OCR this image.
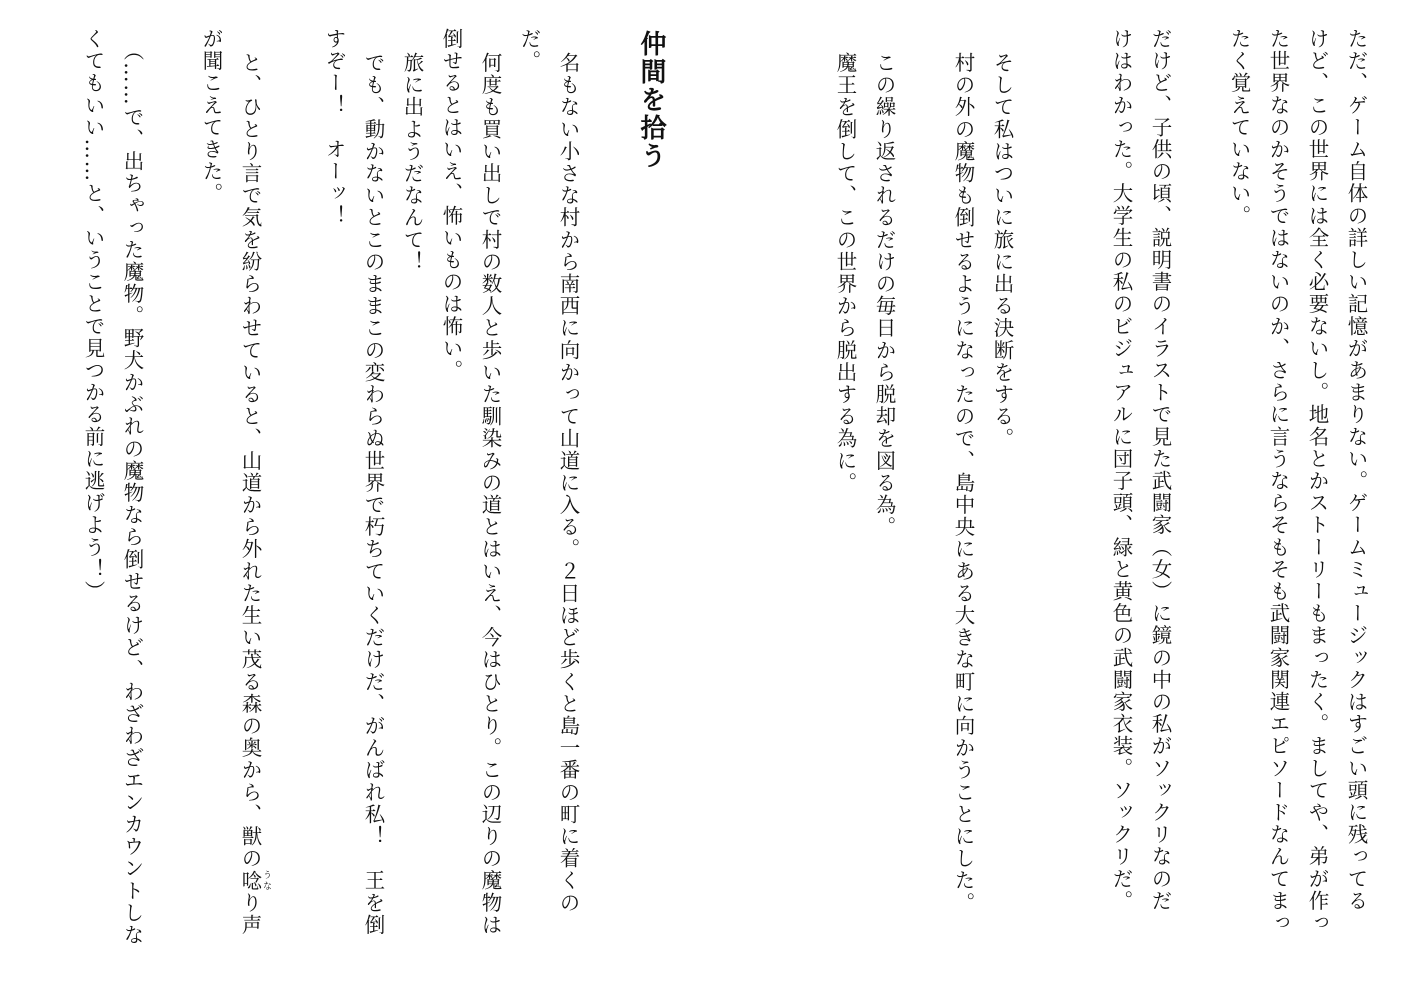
ただ、ゲーム自体の詳しい記憶があまりない。ゲームミュージックはすごい頭に残ってる
けど、この世界には全く必要ないし。地名とかストーリーもまったく。ましてや、弟が作っ
た世界なのかそうではないのか、さらに言うならそもそも武闘家関連エピソードなんてまっ
たく覚えていない。
だけど、子供の頃、説明書のイラストで見た武闘家（女）に鏡の中の私がソックリなのだ
けはわかった。大学生の私のビジュアルに団子頭、緑と黄色の武闘家衣装。ソックリだ。
そして私はついに旅に出る決断をする。
村の外の魔物も倒せるようになったので、島中央にある大きな町に向かうことにした。
この繰り返されるだけの毎日から脱却を図る為。
魔王を倒して、この世界から脱出する為に。
仲間を拾う
名もない小さな村から南西に向かって山道に入る。２日ほど歩くと島一番の町に着くの
だ。
何度も買い出しで村の数人と歩いた馴染みの道とはいえ、今はひとり。この辺りの魔物は
倒せるとはいえ、怖いものは怖い。
旅に出ようだなんて！
でも、動かないとこのままこの変わらぬ世界で朽ちていくだけだ、がんばれ私！　王を倒
すぞー！　オーッ！
と、ひとり言で気を紛らわせていると、山道から外れた生い茂る森の奥から、獣の唸 うなり声
が聞こえてきた。
（……で、出ちゃった魔物。野犬かぶれの魔物なら倒せるけど、わざわざエンカウントしな
くてもいい……と、いうことで見つかる前に逃げよう！）
